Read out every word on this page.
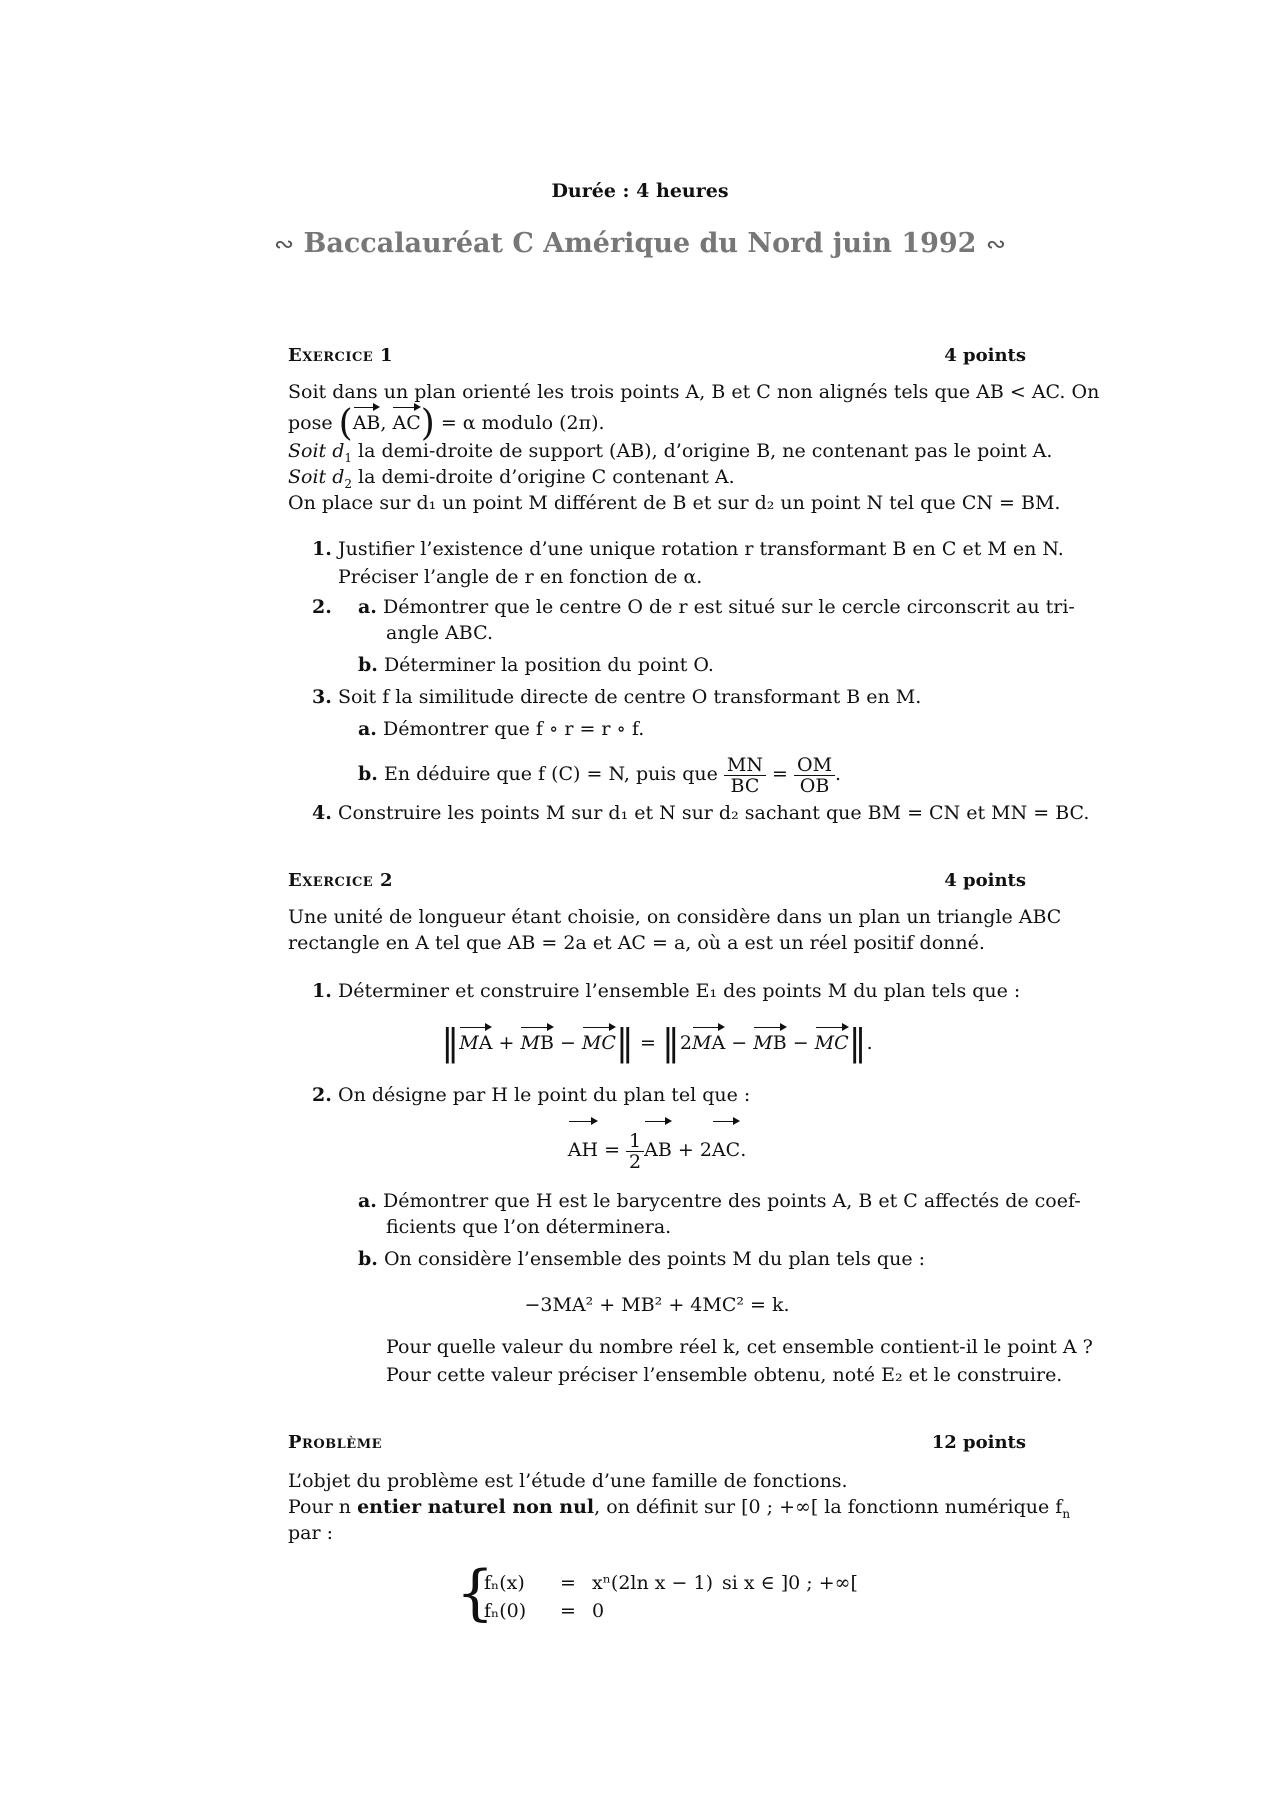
Durée : 4 heures
∾ Baccalauréat C Amérique du Nord juin 1992 ∾
Exercice 1	4 points
Soit dans un plan orienté les trois points A, B et C non alignés tels que AB < AC. On
pose (AB, AC) = α modulo (2π).
Soit $d_1$ la demi-droite de support (AB), d’origine B, ne contenant pas le point A.
Soit $d_2$ la demi-droite d’origine C contenant A.
On place sur d₁ un point M différent de B et sur d₂ un point N tel que CN = BM.
1. Justifier l’existence d’une unique rotation r transformant B en C et M en N.
Préciser l’angle de r en fonction de α.
2.	a. Démontrer que le centre O de r est situé sur le cercle circonscrit au tri-
angle ABC.
b. Déterminer la position du point O.
3. Soit f la similitude directe de centre O transformant B en M.
a. Démontrer que f ∘ r = r ∘ f.
b. En déduire que f (C) = N, puis que $\frac{MN}{BC} = \frac{OM}{OB}$ .
4. Construire les points M sur d₁ et N sur d₂ sachant que BM = CN et MN = BC.
Exercice 2	4 points
Une unité de longueur étant choisie, on considère dans un plan un triangle ABC
rectangle en A tel que AB = 2a et AC = a, où a est un réel positif donné.
1. Déterminer et construire l’ensemble E₁ des points M du plan tels que :
‖MA + MB − MC‖ = ‖2MA − MB − MC‖.
2. On désigne par H le point du plan tel que :
AH = $\frac{1}{2}$ AB + 2AC.
a. Démontrer que H est le barycentre des points A, B et C affectés de coef-
ficients que l’on déterminera.
b. On considère l’ensemble des points M du plan tels que :
−3MA² + MB² + 4MC² = k.
Pour quelle valeur du nombre réel k, cet ensemble contient-il le point A ?
Pour cette valeur préciser l’ensemble obtenu, noté E₂ et le construire.
Problème	12 points
L’objet du problème est l’étude d’une famille de fonctions.
Pour n entier naturel non nul, on définit sur [0 ; +∞[ la fonctionn numérique $f_n$
par :
{
fₙ(x) = xⁿ(2ln x − 1) si x ∈ ]0 ; +∞[
fₙ(0) = 0
